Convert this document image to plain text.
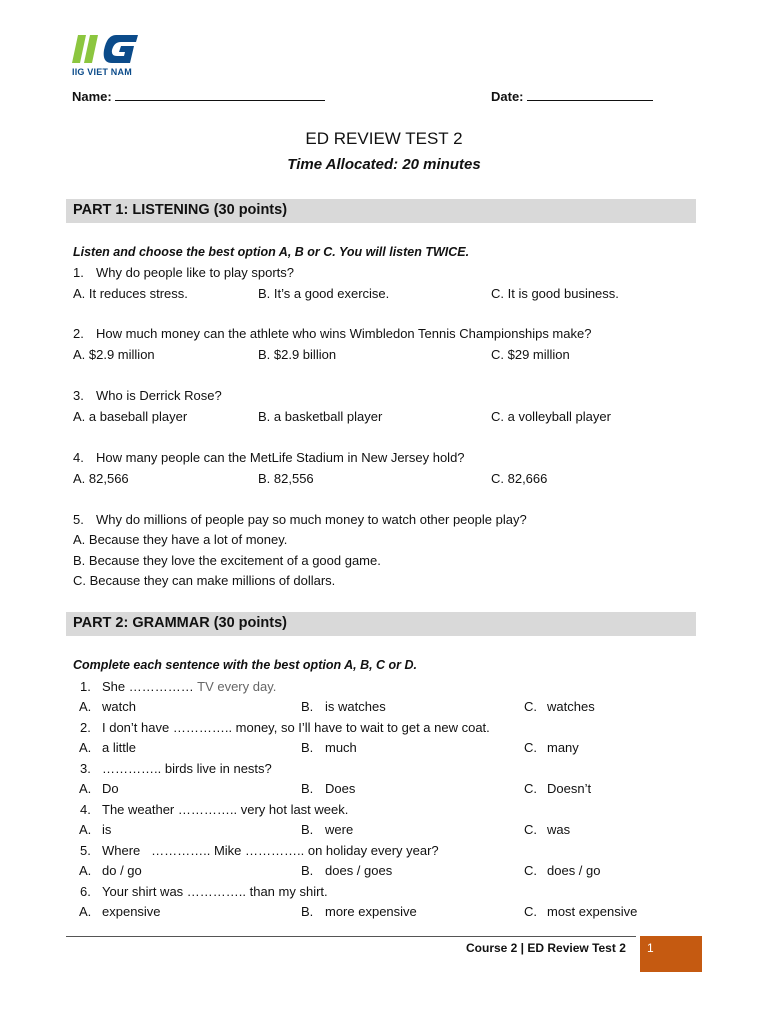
IIG VIET NAM
Name:	Date:
ED REVIEW TEST 2
Time Allocated: 20 minutes
PART 1: LISTENING (30 points)
Listen and choose the best option A, B or C. You will listen TWICE.
1. Why do people like to play sports?
A. It reduces stress.	B. It’s a good exercise.	C. It is good business.
2. How much money can the athlete who wins Wimbledon Tennis Championships make?
A. $2.9 million	B. $2.9 billion	C. $29 million
3. Who is Derrick Rose?
A. a baseball player	B. a basketball player	C. a volleyball player
4. How many people can the MetLife Stadium in New Jersey hold?
A. 82,566	B. 82,556	C. 82,666
5. Why do millions of people pay so much money to watch other people play?
A. Because they have a lot of money.
B. Because they love the excitement of a good game.
C. Because they can make millions of dollars.
PART 2: GRAMMAR (30 points)
Complete each sentence with the best option A, B, C or D.
1. She …………… TV every day.
A. watch	B. is watches	C. watches
2. I don’t have ………….. money, so I’ll have to wait to get a new coat.
A. a little	B. much	C. many
3. ………….. birds live in nests?
A. Do	B. Does	C. Doesn’t
4. The weather ………….. very hot last week.
A. is	B. were	C. was
5. Where   ………….. Mike ………….. on holiday every year?
A. do / go	B. does / goes	C. does / go
6. Your shirt was ………….. than my shirt.
A. expensive	B. more expensive	C. most expensive
Course 2 | ED Review Test 2 1
